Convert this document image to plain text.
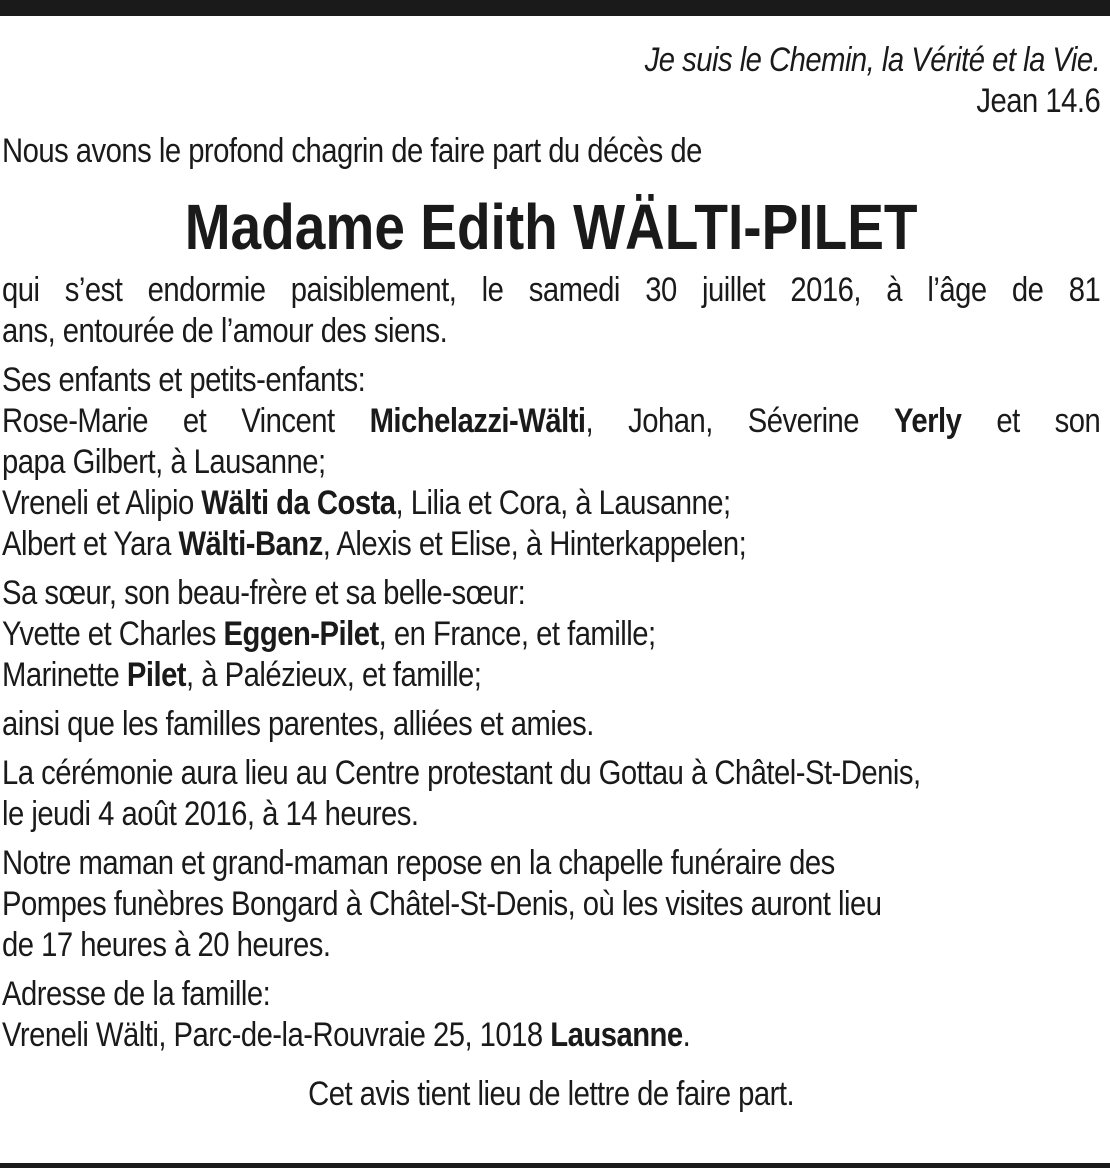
Je suis le Chemin, la Vérité et la Vie.

Jean 14.6

Nous avons le profond chagrin de faire part du décès de

Madame Edith WÄLTI-PILET

qui s’est endormie paisiblement, le samedi 30 juillet 2016, à l’âge de 81
ans, entourée de l’amour des siens.

Ses enfants et petits-enfants:
Rose-Marie et Vincent Michelazzi-Wälti, Johan, Séverine Yerly et son
papa Gilbert, à Lausanne;
Vreneli et Alipio Wälti da Costa, Lilia et Cora, à Lausanne;
Albert et Yara Wälti-Banz, Alexis et Elise, à Hinterkappelen;

Sa sœur, son beau-frère et sa belle-sœur:
Yvette et Charles Eggen-Pilet, en France, et famille;
Marinette Pilet, à Palézieux, et famille;

ainsi que les familles parentes, alliées et amies.

La cérémonie aura lieu au Centre protestant du Gottau à Châtel-St-Denis,
le jeudi 4 août 2016, à 14 heures.

Notre maman et grand-maman repose en la chapelle funéraire des
Pompes funèbres Bongard à Châtel-St-Denis, où les visites auront lieu
de 17 heures à 20 heures.

Adresse de la famille:
Vreneli Wälti, Parc-de-la-Rouvraie 25, 1018 Lausanne.

Cet avis tient lieu de lettre de faire part.
